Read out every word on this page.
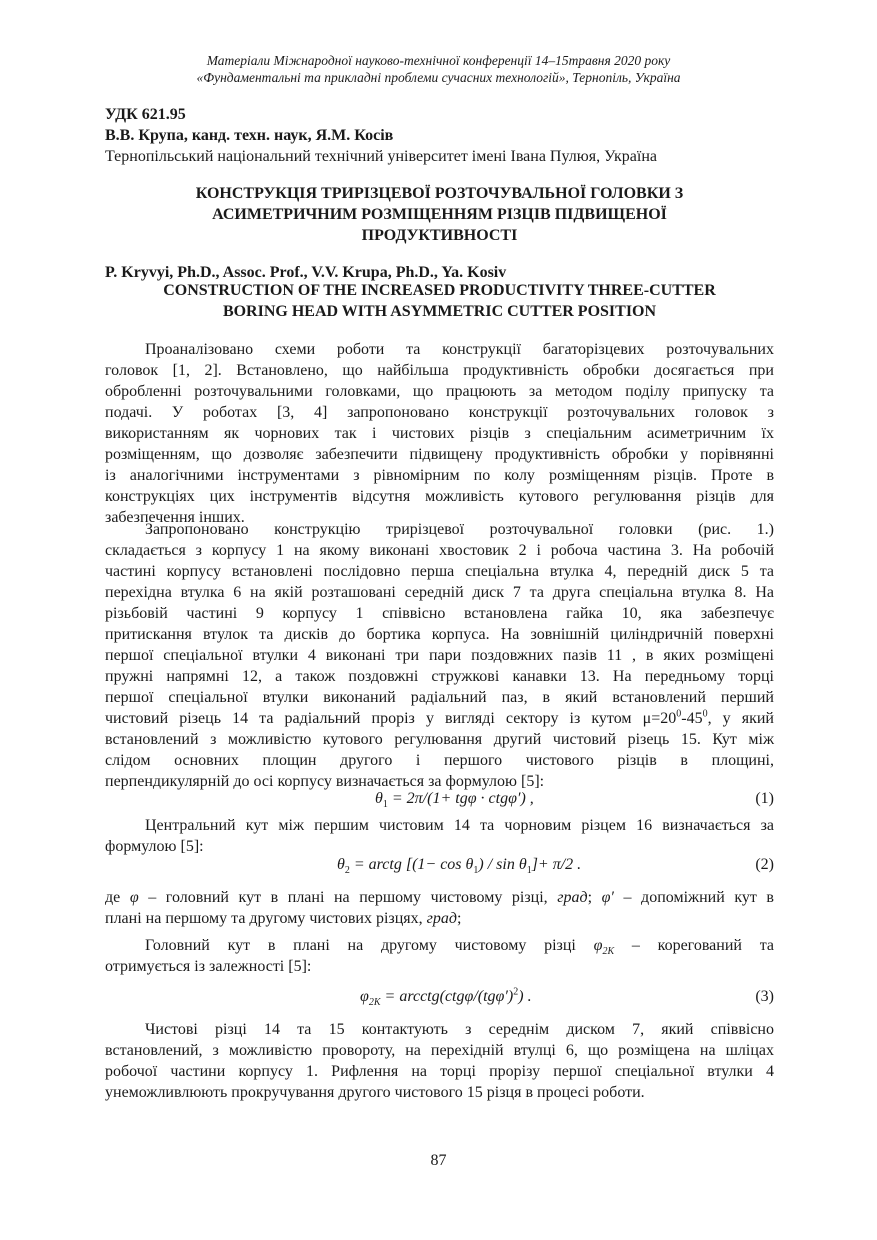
Матеріали Міжнародної науково-технічної конференції 14–15травня 2020 року
«Фундаментальні та прикладні проблеми сучасних технологій», Тернопіль, Україна
УДК 621.95
В.В. Крупа, канд. техн. наук, Я.М. Косів
Тернопільський національний технічний університет імені Івана Пулюя, Україна
КОНСТРУКЦІЯ ТРИРІЗЦЕВОЇ РОЗТОЧУВАЛЬНОЇ ГОЛОВКИ З
АСИМЕТРИЧНИМ РОЗМІЩЕННЯМ РІЗЦІВ ПІДВИЩЕНОЇ
ПРОДУКТИВНОСТІ
P. Kryvyi, Ph.D., Assoc. Prof., V.V. Krupa, Ph.D., Ya. Kosiv
CONSTRUCTION OF THE INCREASED PRODUCTIVITY THREE-CUTTER
BORING HEAD WITH ASYMMETRIC CUTTER POSITION
Проаналізовано схеми роботи та конструкції багаторізцевих розточувальних
головок [1, 2]. Встановлено, що найбільша продуктивність обробки досягається при
обробленні розточувальними головками, що працюють за методом поділу припуску та
подачі. У роботах [3, 4] запропоновано конструкції розточувальних головок з
використанням як чорнових так і чистових різців з спеціальним асиметричним їх
розміщенням, що дозволяє забезпечити підвищену продуктивність обробки у порівнянні
із аналогічними інструментами з рівномірним по колу розміщенням різців. Проте в
конструкціях цих інструментів відсутня можливість кутового регулювання різців для
забезпечення інших.
Запропоновано конструкцію трирізцевої розточувальної головки (рис. 1.)
складається з корпусу 1 на якому виконані хвостовик 2 і робоча частина 3. На робочій
частині корпусу встановлені послідовно перша спеціальна втулка 4, передній диск 5 та
перехідна втулка 6 на якій розташовані середній диск 7 та друга спеціальна втулка 8. На
різьбовій частині 9 корпусу 1 співвісно встановлена гайка 10, яка забезпечує
притискання втулок та дисків до бортика корпуса. На зовнішній циліндричній поверхні
першої спеціальної втулки 4 виконані три пари поздовжних пазів 11 , в яких розміщені
пружні напрямні 12, а також поздовжні стружкові канавки 13. На передньому торці
першої спеціальної втулки виконаний радіальний паз, в який встановлений перший
чистовий різець 14 та радіальний проріз у вигляді сектору із кутом $\mu=20^0-45^0$, у який
встановлений з можливістю кутового регулювання другий чистовий різець 15. Кут між
слідом основних площин другого і першого чистового різців в площині,
перпендикулярній до осі корпусу визначається за формулою [5]:
$\theta_1 = 2\pi/(1+ tg\varphi \cdot ctg\varphi')$ ,	(1)
Центральний кут між першим чистовим 14 та чорновим різцем 16 визначається за
формулою [5]:
$\theta_2$ = arctg $[(1- \cos \theta_1) / \sin \theta_1]+ \pi/2$ .	(2)
де φ – головний кут в плані на першому чистовому різці, град; φ′ – допоміжний кут в
плані на першому та другому чистових різцях, град;
Головний кут в плані на другому чистовому різці $\varphi_{2K}$ – корегований та
отримується із залежності [5]:
$\varphi_{2K}$ = $arcctg(ctg\varphi/(tg\varphi')^2)$ .	(3)
Чистові різці 14 та 15 контактують з середнім диском 7, який співвісно
встановлений, з можливістю провороту, на перехідній втулці 6, що розміщена на шліцах
робочої частини корпусу 1. Рифлення на торці прорізу першої спеціальної втулки 4
унеможливлюють прокручування другого чистового 15 різця в процесі роботи.
87
